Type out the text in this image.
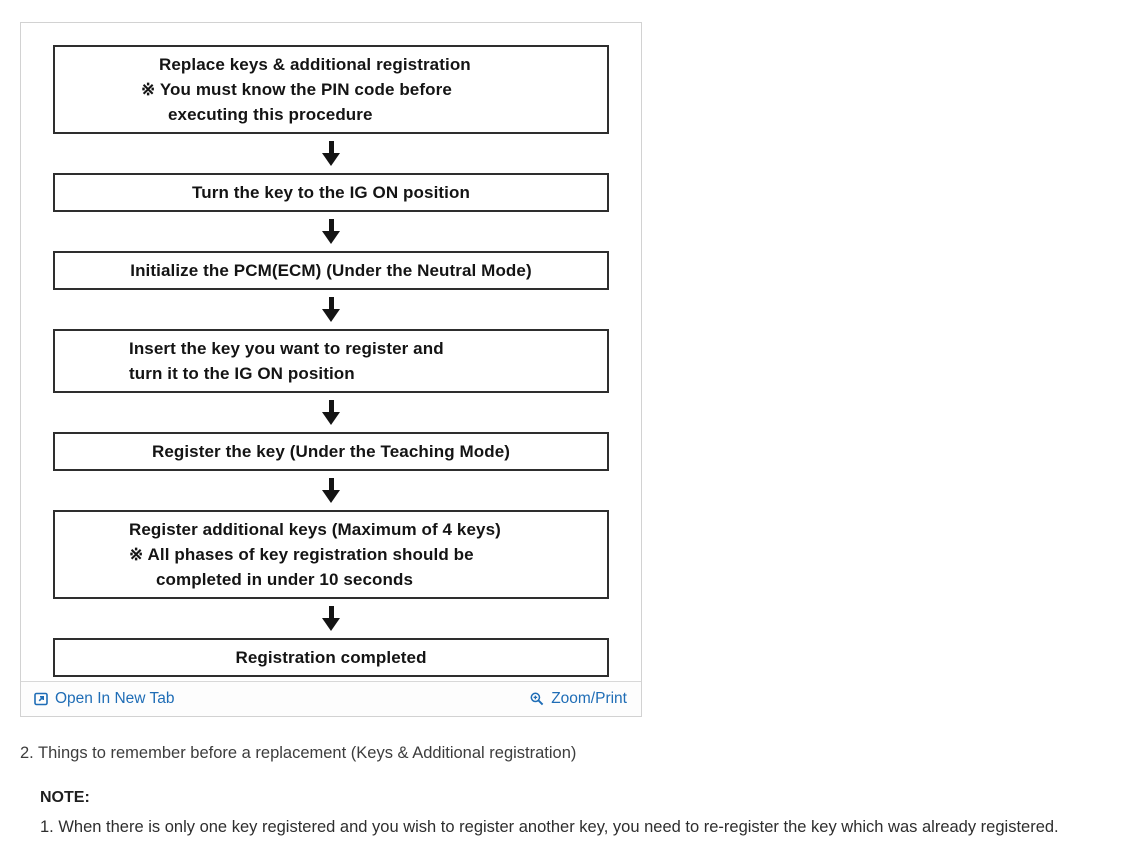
Replace keys & additional registration
※ You must know the PIN code before
executing this procedure
Turn the key to the IG ON position
Initialize the PCM(ECM) (Under the Neutral Mode)
Insert the key you want to register and
turn it to the IG ON position
Register the key (Under the Teaching Mode)
Register additional keys (Maximum of 4 keys)
※ All phases of key registration should be
completed in under 10 seconds
Registration completed
Open In New Tab	Zoom/Print
2. Things to remember before a replacement (Keys & Additional registration)
NOTE:
1. When there is only one key registered and you wish to register another key, you need to re-register the key which was already registered.
